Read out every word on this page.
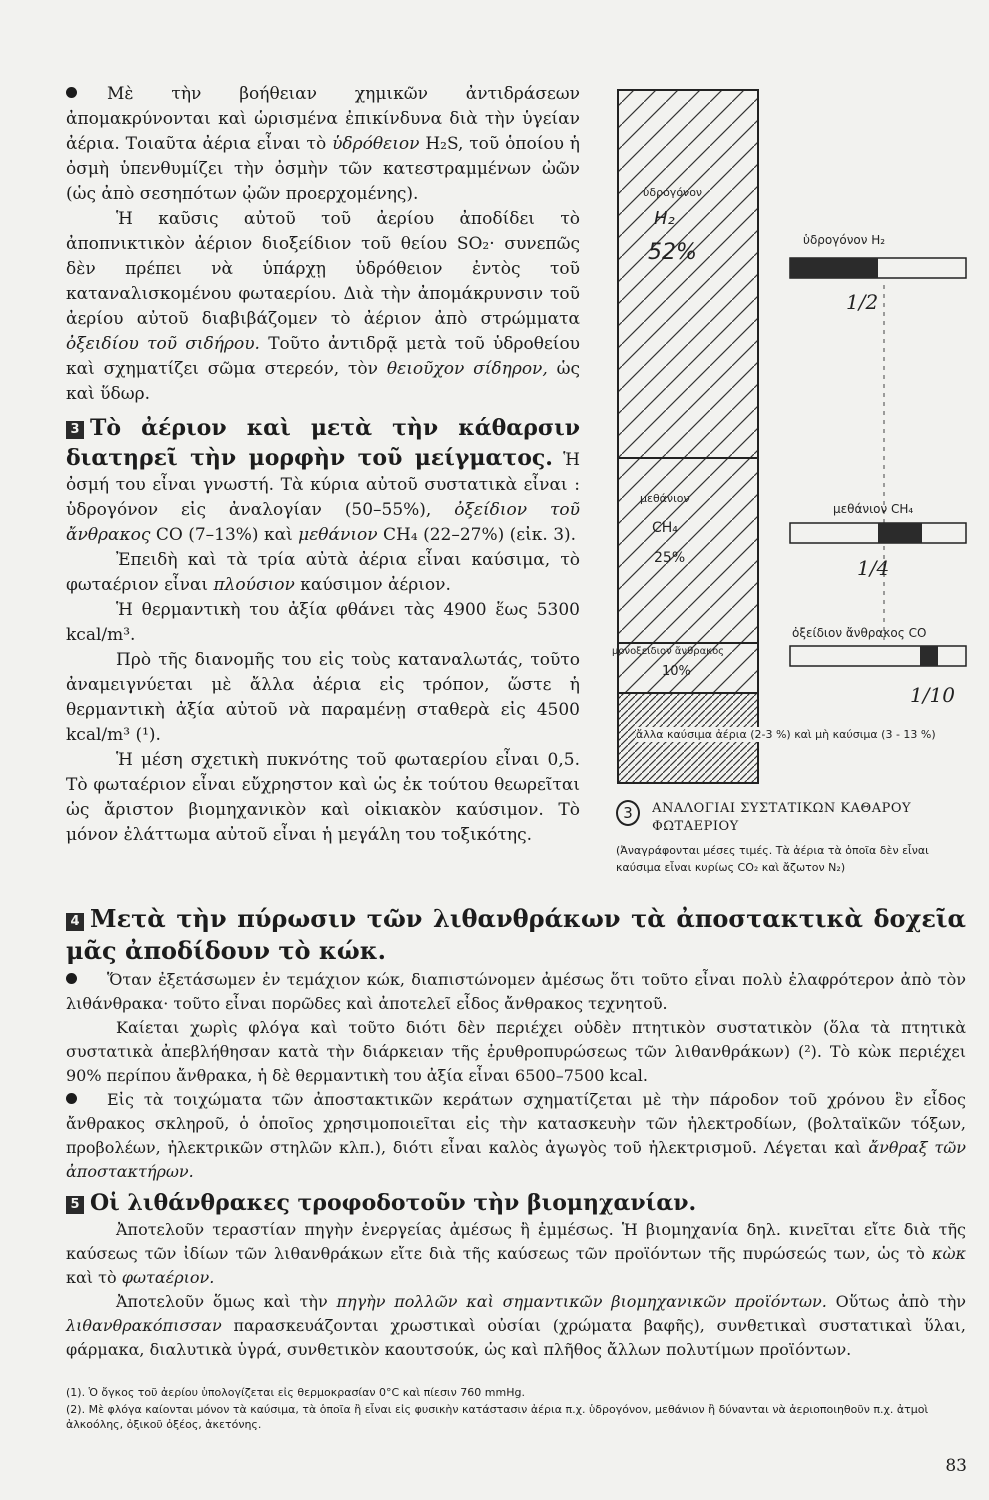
Μὲ τὴν βοήθειαν χημικῶν ἀντιδράσεων ἀπομακρύνονται καὶ ὡρισμένα ἐπικίνδυνα διὰ τὴν ὑγείαν ἀέρια. Τοιαῦτα ἀέρια εἶναι τὸ ὑδρόθειον H₂S, τοῦ ὁποίου ἡ ὀσμὴ ὑπενθυμίζει τὴν ὀσμὴν τῶν κατεστραμμένων ὠῶν (ὡς ἀπὸ σεσηπότων ᾠῶν προερχομένης).

Ἡ καῦσις αὐτοῦ τοῦ ἀερίου ἀποδίδει τὸ ἀποπνικτικὸν ἀέριον διοξείδιον τοῦ θείου SO₂· συνεπῶς δὲν πρέπει νὰ ὑπάρχῃ ὑδρόθειον ἐντὸς τοῦ καταναλισκομένου φωταερίου. Διὰ τὴν ἀπομάκρυνσιν τοῦ ἀερίου αὐτοῦ διαβιβάζομεν τὸ ἀέριον ἀπὸ στρώμματα ὀξειδίου τοῦ σιδήρου. Τοῦτο ἀντιδρᾷ μετὰ τοῦ ὑδροθείου καὶ σχηματίζει σῶμα στερεόν, τὸν θειοῦχον σίδηρον, ὡς καὶ ὕδωρ.

3 Τὸ ἀέριον καὶ μετὰ τὴν κάθαρσιν διατηρεῖ τὴν μορφὴν τοῦ μείγματος. Ἡ ὀσμή του εἶναι γνωστή. Τὰ κύρια αὐτοῦ συστατικὰ εἶναι : ὑδρογόνον εἰς ἀναλογίαν (50–55%), ὀξείδιον τοῦ ἄνθρακος CO (7–13%) καὶ μεθάνιον CH₄ (22–27%) (εἰκ. 3).

Ἐπειδὴ καὶ τὰ τρία αὐτὰ ἀέρια εἶναι καύσιμα, τὸ φωταέριον εἶναι πλούσιον καύσιμον ἀέριον.

Ἡ θερμαντικὴ του ἀξία φθάνει τὰς 4900 ἕως 5300 kcal/m³.

Πρὸ τῆς διανομῆς του εἰς τοὺς καταναλωτάς, τοῦτο ἀναμειγνύεται μὲ ἄλλα ἀέρια εἰς τρόπον, ὥστε ἡ θερμαντικὴ ἀξία αὐτοῦ νὰ παραμένῃ σταθερὰ εἰς 4500 kcal/m³ (¹).

Ἡ μέση σχετικὴ πυκνότης τοῦ φωταερίου εἶναι 0,5. Τὸ φωταέριον εἶναι εὔχρηστον καὶ ὡς ἐκ τούτου θεωρεῖται ὡς ἄριστον βιομηχανικὸν καὶ οἰκιακὸν καύσιμον. Τὸ μόνον ἐλάττωμα αὐτοῦ εἶναι ἡ μεγάλη του τοξικότης.

ὑδρογόνον
H₂
52%
μεθάνιον
CH₄
25%
μονοξείδιον ἄνθρακος
10%
ὑδρογόνον H₂
1/2
μεθάνιον CH₄
1/4
ὀξείδιον ἄνθρακος CO
1/10
ἄλλα καύσιμα ἀέρια (2-3 %) καὶ μὴ καύσιμα (3 - 13 %)
3	ΑΝΑΛΟΓΙΑΙ ΣΥΣΤΑΤΙΚΩΝ ΚΑΘΑΡΟΥ ΦΩΤΑΕΡΙΟΥ
(Ἀναγράφονται μέσες τιμές. Τὰ ἀέρια τὰ ὁποῖα δὲν εἶναι καύσιμα εἶναι κυρίως CO₂ καὶ ἄζωτον N₂)

4 Μετὰ τὴν πύρωσιν τῶν λιθανθράκων τὰ ἀποστακτικὰ δοχεῖα μᾶς ἀποδίδουν τὸ κώκ.

Ὅταν ἐξετάσωμεν ἐν τεμάχιον κώκ, διαπιστώνομεν ἀμέσως ὅτι τοῦτο εἶναι πολὺ ἐλαφρότερον ἀπὸ τὸν λιθάνθρακα· τοῦτο εἶναι πορῶδες καὶ ἀποτελεῖ εἶδος ἄνθρακος τεχνητοῦ.

Καίεται χωρὶς φλόγα καὶ τοῦτο διότι δὲν περιέχει οὐδὲν πτητικὸν συστατικὸν (ὅλα τὰ πτητικὰ συστατικὰ ἀπεβλήθησαν κατὰ τὴν διάρκειαν τῆς ἐρυθροπυρώσεως τῶν λιθανθράκων) (²). Τὸ κὼκ περιέχει 90% περίπου ἄνθρακα, ἡ δὲ θερμαντικὴ του ἀξία εἶναι 6500–7500 kcal.

Εἰς τὰ τοιχώματα τῶν ἀποστακτικῶν κεράτων σχηματίζεται μὲ τὴν πάροδον τοῦ χρόνου ἓν εἶδος ἄνθρακος σκληροῦ, ὁ ὁποῖος χρησιμοποιεῖται εἰς τὴν κατασκευὴν τῶν ἠλεκτροδίων, (βολταϊκῶν τόξων, προβολέων, ἠλεκτρικῶν στηλῶν κλπ.), διότι εἶναι καλὸς ἀγωγὸς τοῦ ἠλεκτρισμοῦ. Λέγεται καὶ ἄνθραξ τῶν ἀποστακτήρων.

5 Οἱ λιθάνθρακες τροφοδοτοῦν τὴν βιομηχανίαν.

Ἀποτελοῦν τεραστίαν πηγὴν ἐνεργείας ἀμέσως ἢ ἐμμέσως. Ἡ βιομηχανία δηλ. κινεῖται εἴτε διὰ τῆς καύσεως τῶν ἰδίων τῶν λιθανθράκων εἴτε διὰ τῆς καύσεως τῶν προϊόντων τῆς πυρώσεώς των, ὡς τὸ κὼκ καὶ τὸ φωταέριον.

Ἀποτελοῦν ὅμως καὶ τὴν πηγὴν πολλῶν καὶ σημαντικῶν βιομηχανικῶν προϊόντων. Οὕτως ἀπὸ τὴν λιθανθρακόπισσαν παρασκευάζονται χρωστικαὶ οὐσίαι (χρώματα βαφῆς), συνθετικαὶ συστατικαὶ ὕλαι, φάρμακα, διαλυτικὰ ὑγρά, συνθετικὸν καουτσούκ, ὡς καὶ πλῆθος ἄλλων πολυτίμων προϊόντων.

(1). Ὁ ὄγκος τοῦ ἀερίου ὑπολογίζεται εἰς θερμοκρασίαν 0°C καὶ πίεσιν 760 mmHg.
(2). Μὲ φλόγα καίονται μόνον τὰ καύσιμα, τὰ ὁποῖα ἢ εἶναι εἰς φυσικὴν κατάστασιν ἀέρια π.χ. ὑδρογόνον, μεθάνιον ἢ δύνανται νὰ ἀεριοποιηθοῦν π.χ. ἀτμοὶ ἀλκοόλης, ὀξικοῦ ὀξέος, ἀκετόνης.
83
